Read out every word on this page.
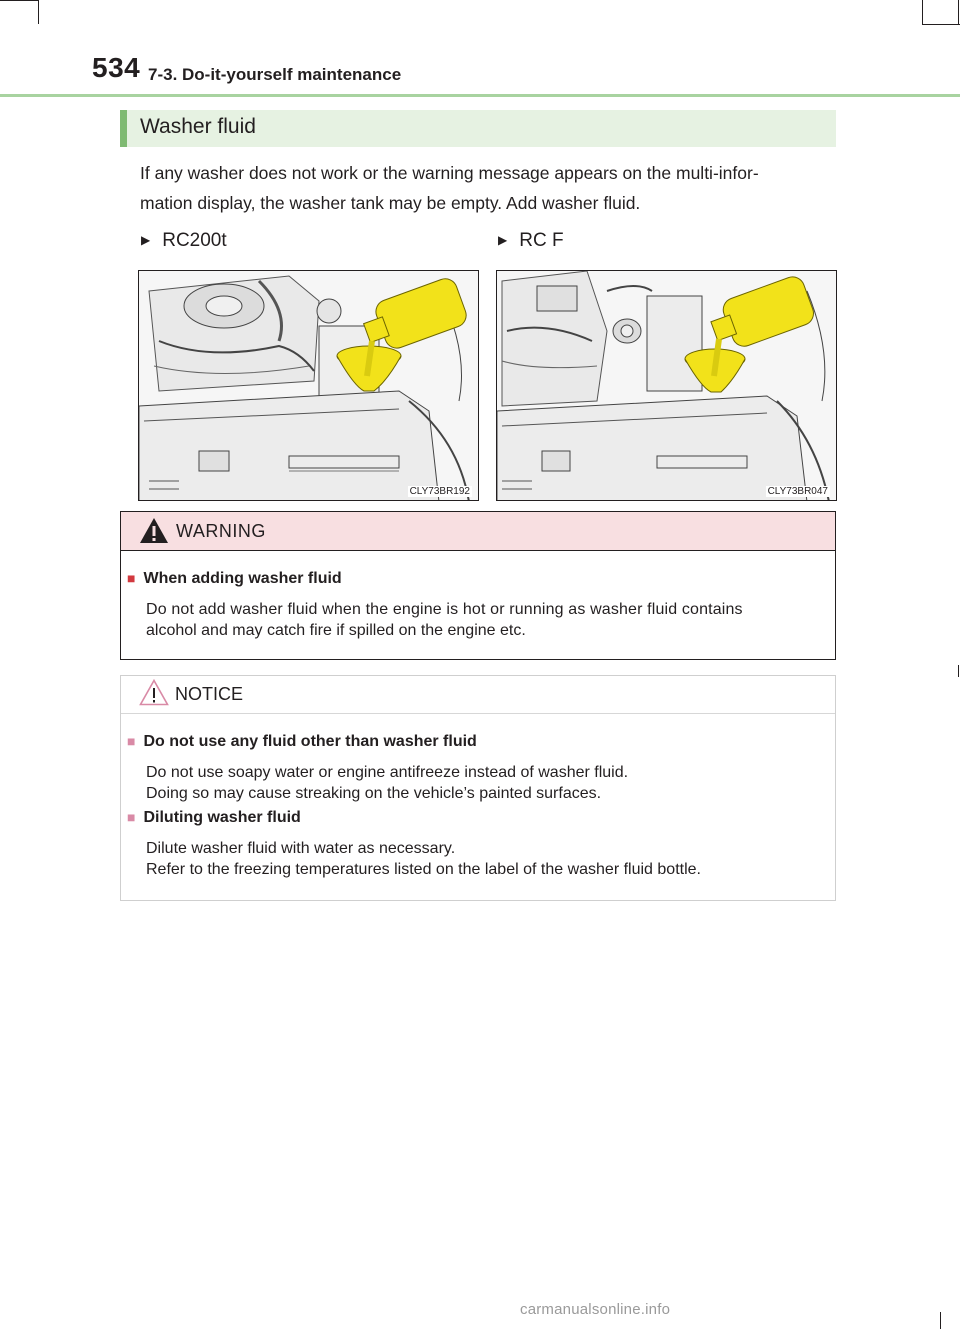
534 7-3. Do-it-yourself maintenance
Washer fluid
If any washer does not work or the warning message appears on the multi-infor-
mation display, the washer tank may be empty. Add washer fluid.
▶ RC200t	▶ RC F
CLY73BR192	CLY73BR047
WARNING
■ When adding washer fluid
Do not add washer fluid when the engine is hot or running as washer fluid contains
alcohol and may catch fire if spilled on the engine etc.
NOTICE
■ Do not use any fluid other than washer fluid
Do not use soapy water or engine antifreeze instead of washer fluid.
Doing so may cause streaking on the vehicle’s painted surfaces.
■ Diluting washer fluid
Dilute washer fluid with water as necessary.
Refer to the freezing temperatures listed on the label of the washer fluid bottle.
carmanualsonline.info
